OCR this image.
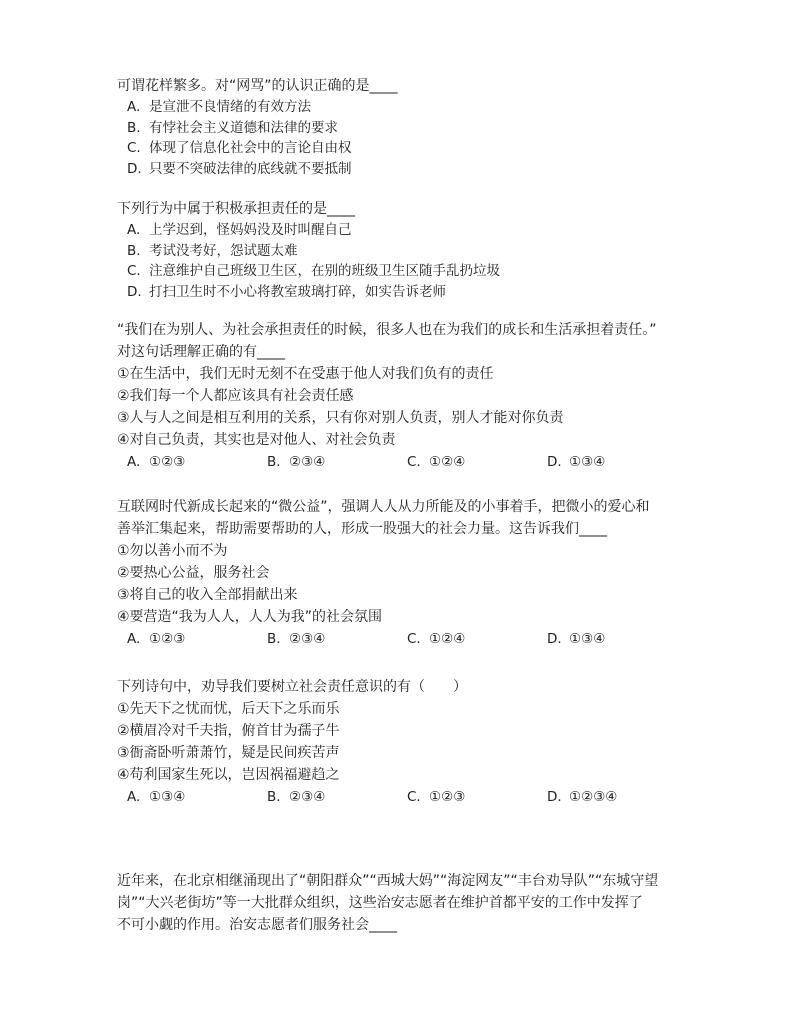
可谓花样繁多。对“网骂”的认识正确的是____
A. 是宣泄不良情绪的有效方法
B. 有悖社会主义道德和法律的要求
C. 体现了信息化社会中的言论自由权
D. 只要不突破法律的底线就不要抵制
下列行为中属于积极承担责任的是____
A. 上学迟到，怪妈妈没及时叫醒自己
B. 考试没考好，怨试题太难
C. 注意维护自己班级卫生区，在别的班级卫生区随手乱扔垃圾
D. 打扫卫生时不小心将教室玻璃打碎，如实告诉老师
“我们在为别人、为社会承担责任的时候，很多人也在为我们的成长和生活承担着责任。”
对这句话理解正确的有____
①在生活中，我们无时无刻不在受惠于他人对我们负有的责任
②我们每一个人都应该具有社会责任感
③人与人之间是相互利用的关系，只有你对别人负责，别人才能对你负责
④对自己负责，其实也是对他人、对社会负责
A. ①②③	B. ②③④	C. ①②④	D. ①③④
互联网时代新成长起来的“微公益”，强调人人从力所能及的小事着手，把微小的爱心和
善举汇集起来，帮助需要帮助的人，形成一股强大的社会力量。这告诉我们____
①勿以善小而不为
②要热心公益，服务社会
③将自己的收入全部捐献出来
④要营造“我为人人，人人为我”的社会氛围
A. ①②③	B. ②③④	C. ①②④	D. ①③④
下列诗句中，劝导我们要树立社会责任意识的有（　　）
①先天下之忧而忧，后天下之乐而乐
②横眉冷对千夫指，俯首甘为孺子牛
③衙斋卧听萧萧竹，疑是民间疾苦声
④苟利国家生死以，岂因祸福避趋之
A. ①③④	B. ②③④	C. ①②③	D. ①②③④
近年来，在北京相继涌现出了“朝阳群众”“西城大妈”“海淀网友”“丰台劝导队”“东城守望
岗”“大兴老街坊”等一大批群众组织，这些治安志愿者在维护首都平安的工作中发挥了
不可小觑的作用。治安志愿者们服务社会____
